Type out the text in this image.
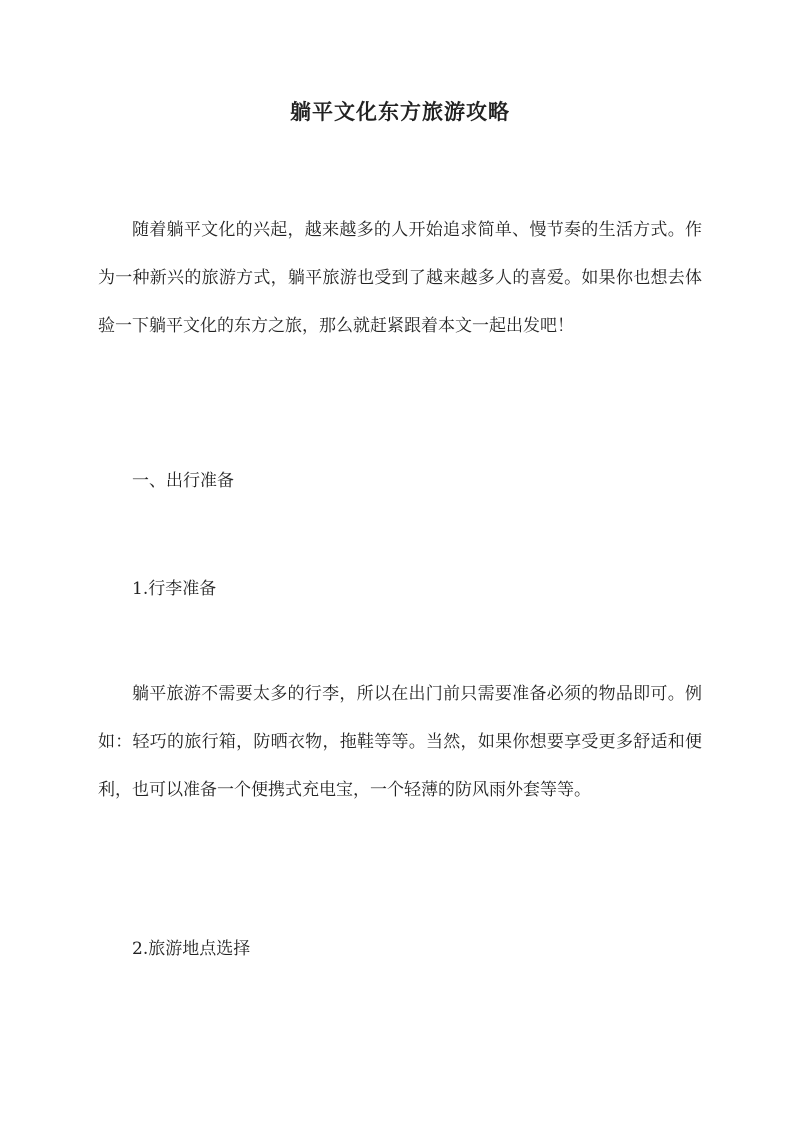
躺平文化东方旅游攻略

随着躺平文化的兴起，越来越多的人开始追求简单、慢节奏的生活方式。作为一种新兴的旅游方式，躺平旅游也受到了越来越多人的喜爱。如果你也想去体验一下躺平文化的东方之旅，那么就赶紧跟着本文一起出发吧！

一、出行准备
1.行李准备

躺平旅游不需要太多的行李，所以在出门前只需要准备必须的物品即可。例如：轻巧的旅行箱，防晒衣物，拖鞋等等。当然，如果你想要享受更多舒适和便利，也可以准备一个便携式充电宝，一个轻薄的防风雨外套等等。

2.旅游地点选择
